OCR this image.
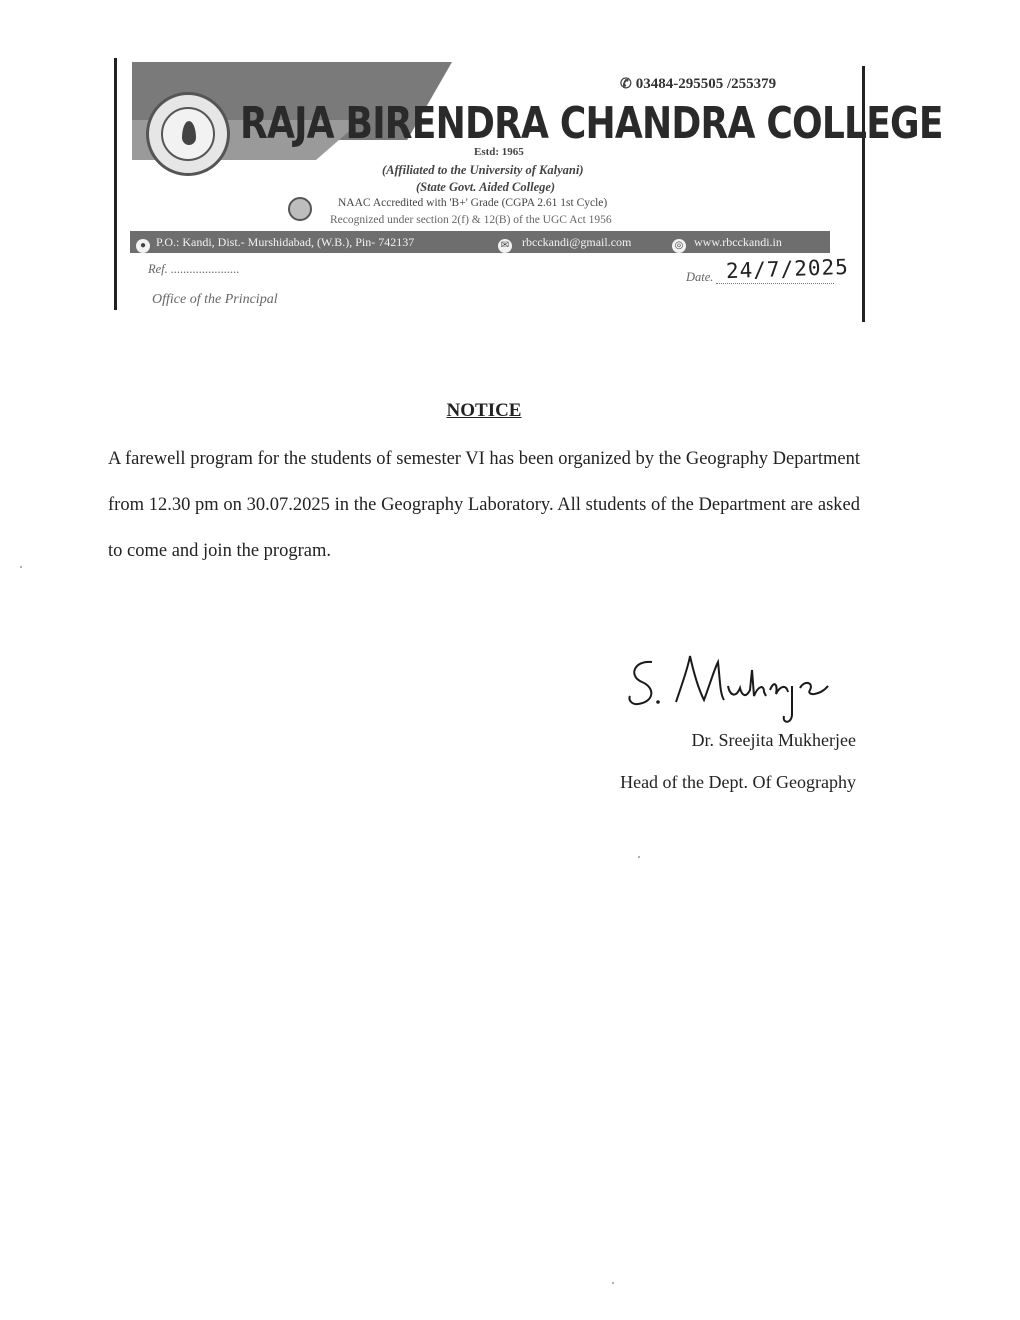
✆ 03484-295505 /255379
RAJA BIRENDRA CHANDRA COLLEGE
Estd: 1965
(Affiliated to the University of Kalyani)
(State Govt. Aided College)
NAAC Accredited with 'B+' Grade (CGPA 2.61 1st Cycle)
Recognized under section 2(f) & 12(B) of the UGC Act 1956
● P.O.: Kandi, Dist.- Murshidabad, (W.B.), Pin- 742137	✉ rbcckandi@gmail.com	◎ www.rbcckandi.in
Ref. ......................
Office of the Principal
Date. 24/7/2025
NOTICE
A farewell program for the students of semester VI has been organized by the Geography Department from 12.30 pm on 30.07.2025 in the Geography Laboratory. All students of the Department are asked to come and join the program.
Dr. Sreejita Mukherjee
Head of the Dept. Of Geography
